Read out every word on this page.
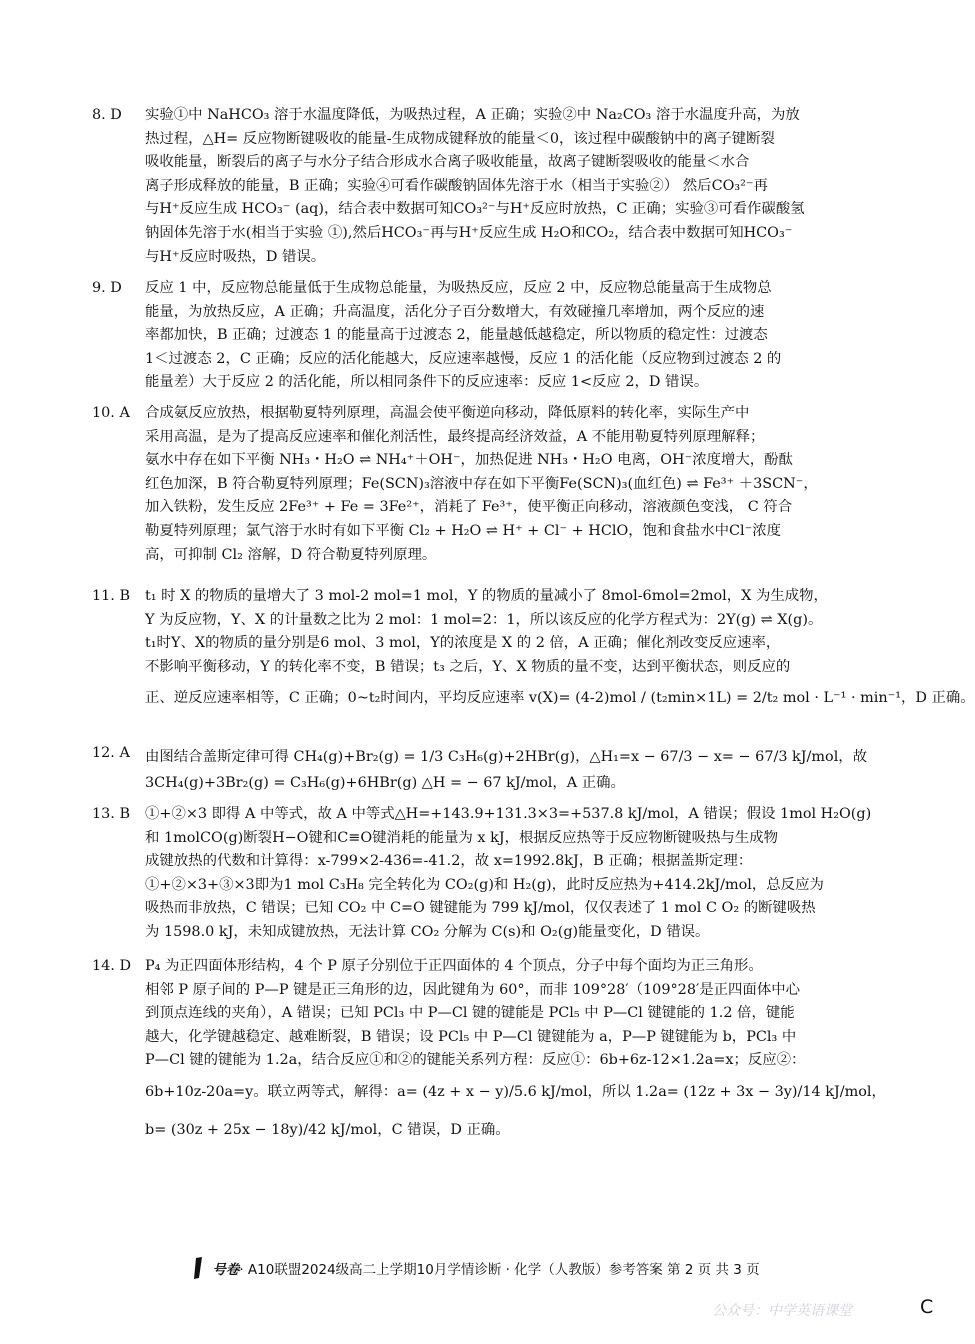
8. D	实验①中 NaHCO₃ 溶于水温度降低，为吸热过程，A 正确；实验②中 Na₂CO₃ 溶于水温度升高，为放
热过程，△H= 反应物断键吸收的能量-生成物成键释放的能量＜0，该过程中碳酸钠中的离子键断裂
吸收能量，断裂后的离子与水分子结合形成水合离子吸收能量，故离子键断裂吸收的能量＜水合
离子形成释放的能量，B 正确；实验④可看作碳酸钠固体先溶于水（相当于实验②） 然后CO₃²⁻再
与H⁺反应生成 HCO₃⁻ (aq)，结合表中数据可知CO₃²⁻与H⁺反应时放热，C 正确；实验③可看作碳酸氢
钠固体先溶于水(相当于实验 ①),然后HCO₃⁻再与H⁺反应生成 H₂O和CO₂，结合表中数据可知HCO₃⁻
与H⁺反应时吸热，D 错误。
9. D	反应 1 中，反应物总能量低于生成物总能量，为吸热反应，反应 2 中，反应物总能量高于生成物总
能量，为放热反应，A 正确；升高温度，活化分子百分数增大，有效碰撞几率增加，两个反应的速
率都加快，B 正确；过渡态 1 的能量高于过渡态 2，能量越低越稳定，所以物质的稳定性：过渡态
1＜过渡态 2，C 正确；反应的活化能越大，反应速率越慢，反应 1 的活化能（反应物到过渡态 2 的
能量差）大于反应 2 的活化能，所以相同条件下的反应速率：反应 1<反应 2，D 错误。
10. A	合成氨反应放热，根据勒夏特列原理，高温会使平衡逆向移动，降低原料的转化率，实际生产中
采用高温，是为了提高反应速率和催化剂活性，最终提高经济效益，A 不能用勒夏特列原理解释；
氨水中存在如下平衡 NH₃・H₂O ⇌ NH₄⁺＋OH⁻，加热促进 NH₃・H₂O 电离，OH⁻浓度增大，酚酞
红色加深，B 符合勒夏特列原理；Fe(SCN)₃溶液中存在如下平衡Fe(SCN)₃(血红色) ⇌ Fe³⁺ ＋3SCN⁻，
加入铁粉，发生反应 2Fe³⁺ + Fe = 3Fe²⁺，消耗了 Fe³⁺，使平衡正向移动，溶液颜色变浅， C 符合
勒夏特列原理；氯气溶于水时有如下平衡 Cl₂ + H₂O ⇌ H⁺ + Cl⁻ + HClO，饱和食盐水中Cl⁻浓度
高，可抑制 Cl₂ 溶解，D 符合勒夏特列原理。
11. B	t₁ 时 X 的物质的量增大了 3 mol-2 mol=1 mol，Y 的物质的量减小了 8mol-6mol=2mol，X 为生成物，
Y 为反应物，Y、X 的计量数之比为 2 mol：1 mol=2：1，所以该反应的化学方程式为：2Y(g) ⇌ X(g)。
t₁时Y、X的物质的量分别是6 mol、3 mol，Y的浓度是 X 的 2 倍，A 正确；催化剂改变反应速率，
不影响平衡移动，Y 的转化率不变，B 错误；t₃ 之后，Y、X 物质的量不变，达到平衡状态，则反应的
正、逆反应速率相等，C 正确；0~t₂时间内，平均反应速率 v(X)= (4-2)mol / (t₂min×1L) = 2/t₂ mol · L⁻¹ · min⁻¹，D 正确。
12. A	由图结合盖斯定律可得 CH₄(g)+Br₂(g) = 1/3 C₃H₆(g)+2HBr(g)，△H₁=x − 67/3 − x= − 67/3 kJ/mol，故
3CH₄(g)+3Br₂(g) = C₃H₆(g)+6HBr(g) △H = − 67 kJ/mol，A 正确。
13. B	①+②×3 即得 A 中等式，故 A 中等式△H=+143.9+131.3×3=+537.8 kJ/mol，A 错误；假设 1mol H₂O(g)
和 1molCO(g)断裂H−O键和C≡O键消耗的能量为 x kJ，根据反应热等于反应物断键吸热与生成物
成键放热的代数和计算得：x-799×2-436=-41.2，故 x=1992.8kJ，B 正确；根据盖斯定理：
①+②×3+③×3即为1 mol C₃H₈ 完全转化为 CO₂(g)和 H₂(g)，此时反应热为+414.2kJ/mol，总反应为
吸热而非放热，C 错误；已知 CO₂ 中 C=O 键键能为 799 kJ/mol，仅仅表述了 1 mol C O₂ 的断键吸热
为 1598.0 kJ，未知成键放热，无法计算 CO₂ 分解为 C(s)和 O₂(g)能量变化，D 错误。
14. D P₄ 为正四面体形结构，4 个 P 原子分别位于正四面体的 4 个顶点，分子中每个面均为正三角形。
相邻 P 原子间的 P—P 键是正三角形的边，因此键角为 60°，而非 109°28′（109°28′是正四面体中心
到顶点连线的夹角），A 错误；已知 PCl₃ 中 P—Cl 键的键能是 PCl₅ 中 P—Cl 键键能的 1.2 倍，键能
越大，化学键越稳定、越难断裂，B 错误；设 PCl₅ 中 P—Cl 键键能为 a，P—P 键键能为 b，PCl₃ 中
P—Cl 键的键能为 1.2a，结合反应①和②的键能关系列方程：反应①：6b+6z-12×1.2a=x；反应②：
6b+10z-20a=y。联立两等式，解得：a= (4z + x − y)/5.6 kJ/mol，所以 1.2a= (12z + 3x − 3y)/14 kJ/mol，
b= (30z + 25x − 18y)/42 kJ/mol，C 错误，D 正确。
号卷· A10联盟2024级高二上学期10月学情诊断 · 化学（人教版）参考答案 第 2 页 共 3 页
公众号：中学英语课堂	C
